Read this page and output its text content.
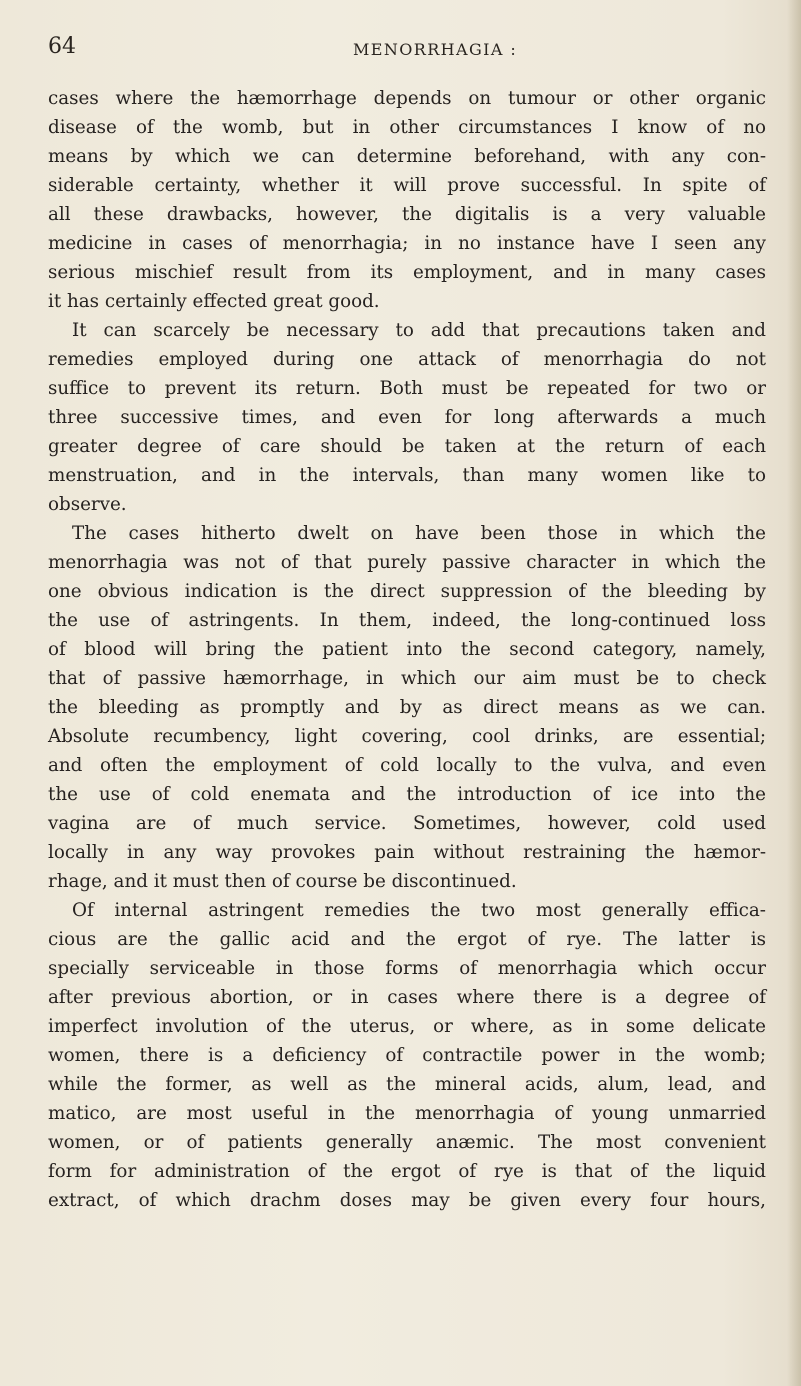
64	MENORRHAGIA :
cases where the hæmorrhage depends on tumour or other organic
disease of the womb, but in other circumstances I know of no
means by which we can determine beforehand, with any con-
siderable certainty, whether it will prove successful. In spite of
all these drawbacks, however, the digitalis is a very valuable
medicine in cases of menorrhagia; in no instance have I seen any
serious mischief result from its employment, and in many cases
it has certainly effected great good.
It can scarcely be necessary to add that precautions taken and
remedies employed during one attack of menorrhagia do not
suffice to prevent its return. Both must be repeated for two or
three successive times, and even for long afterwards a much
greater degree of care should be taken at the return of each
menstruation, and in the intervals, than many women like to
observe.
The cases hitherto dwelt on have been those in which the
menorrhagia was not of that purely passive character in which the
one obvious indication is the direct suppression of the bleeding by
the use of astringents. In them, indeed, the long-continued loss
of blood will bring the patient into the second category, namely,
that of passive hæmorrhage, in which our aim must be to check
the bleeding as promptly and by as direct means as we can.
Absolute recumbency, light covering, cool drinks, are essential;
and often the employment of cold locally to the vulva, and even
the use of cold enemata and the introduction of ice into the
vagina are of much service. Sometimes, however, cold used
locally in any way provokes pain without restraining the hæmor-
rhage, and it must then of course be discontinued.
Of internal astringent remedies the two most generally effica-
cious are the gallic acid and the ergot of rye. The latter is
specially serviceable in those forms of menorrhagia which occur
after previous abortion, or in cases where there is a degree of
imperfect involution of the uterus, or where, as in some delicate
women, there is a deficiency of contractile power in the womb;
while the former, as well as the mineral acids, alum, lead, and
matico, are most useful in the menorrhagia of young unmarried
women, or of patients generally anæmic. The most convenient
form for administration of the ergot of rye is that of the liquid
extract, of which drachm doses may be given every four hours,
